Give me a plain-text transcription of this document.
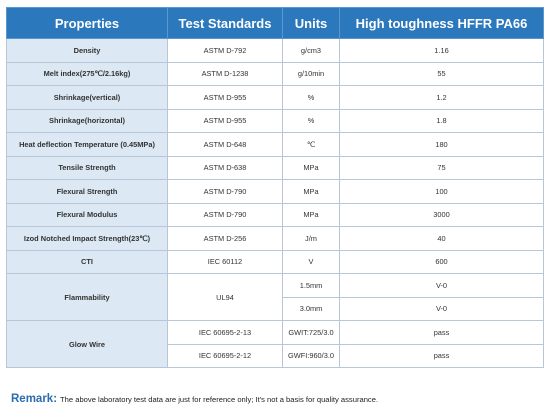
Properties	Test Standards	Units	High toughness HFFR PA66
Density	ASTM D-792	g/cm3	1.16
Melt index(275℃/2.16kg)	ASTM D-1238	g/10min	55
Shrinkage(vertical)	ASTM D-955	%	1.2
Shrinkage(horizontal)	ASTM D-955	%	1.8
Heat deflection Temperature (0.45MPa)	ASTM D-648	℃	180
Tensile Strength	ASTM D-638	MPa	75
Flexural Strength	ASTM D-790	MPa	100
Flexural Modulus	ASTM D-790	MPa	3000
Izod Notched Impact Strength(23℃)	ASTM D-256	J/m	40
CTI	IEC 60112	V	600
Flammability	UL94	1.5mm	V-0
		3.0mm	V-0
Glow Wire	IEC 60695-2-13	GWIT:725/3.0	pass
	IEC 60695-2-12	GWFI:960/3.0	pass
Remark: The above laboratory test data are just for reference only; It's not a basis for quality assurance.
